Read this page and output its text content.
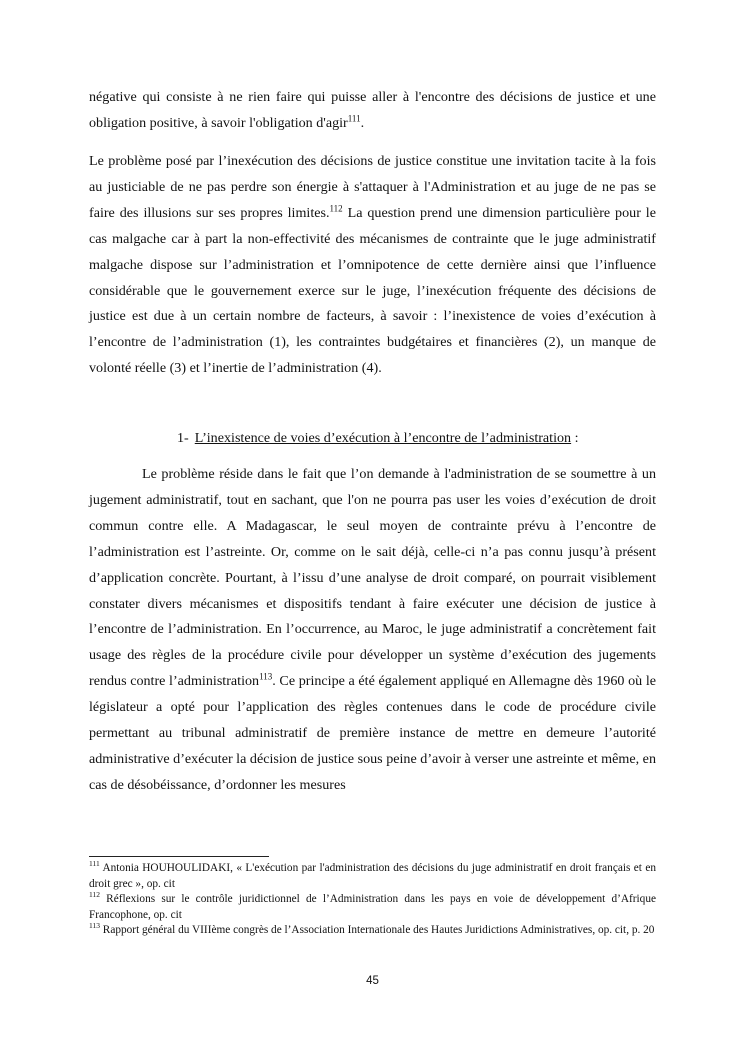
négative qui consiste à ne rien faire qui puisse aller à l'encontre des décisions de justice et une obligation positive, à savoir l'obligation d'agir$^{111}$.

Le problème posé par l’inexécution des décisions de justice constitue une invitation tacite à la fois au justiciable de ne pas perdre son énergie à s'attaquer à l'Administration et au juge de ne pas se faire des illusions sur ses propres limites.$^{112}$ La question prend une dimension particulière pour le cas malgache car à part la non-effectivité des mécanismes de contrainte que le juge administratif malgache dispose sur l’administration et l’omnipotence de cette dernière ainsi que l’influence considérable que le gouvernement exerce sur le juge, l’inexécution fréquente des décisions de justice est due à un certain nombre de facteurs, à savoir : l’inexistence de voies d’exécution à l’encontre de l’administration (1), les contraintes budgétaires et financières (2), un manque de volonté réelle (3) et l’inertie de l’administration (4).

1- L’inexistence de voies d’exécution à l’encontre de l’administration :

Le problème réside dans le fait que l’on demande à l'administration de se soumettre à un jugement administratif, tout en sachant, que l'on ne pourra pas user les voies d’exécution de droit commun contre elle. A Madagascar, le seul moyen de contrainte prévu à l’encontre de l’administration est l’astreinte. Or, comme on le sait déjà, celle-ci n’a pas connu jusqu’à présent d’application concrète. Pourtant, à l’issu d’une analyse de droit comparé, on pourrait visiblement constater divers mécanismes et dispositifs tendant à faire exécuter une décision de justice à l’encontre de l’administration. En l’occurrence, au Maroc, le juge administratif a concrètement fait usage des règles de la procédure civile pour développer un système d’exécution des jugements rendus contre l’administration$^{113}$. Ce principe a été également appliqué en Allemagne dès 1960 où le législateur a opté pour l’application des règles contenues dans le code de procédure civile permettant au tribunal administratif de première instance de mettre en demeure l’autorité administrative d’exécuter la décision de justice sous peine d’avoir à verser une astreinte et même, en cas de désobéissance, d’ordonner les mesures

$^{111}$ Antonia HOUHOULIDAKI, « L'exécution par l'administration des décisions du juge administratif en droit français et en droit grec », op. cit
$^{112}$ Réflexions sur le contrôle juridictionnel de l’Administration dans les pays en voie de développement d’Afrique Francophone, op. cit
$^{113}$ Rapport général du VIIIème congrès de l’Association Internationale des Hautes Juridictions Administratives, op. cit, p. 20
45
